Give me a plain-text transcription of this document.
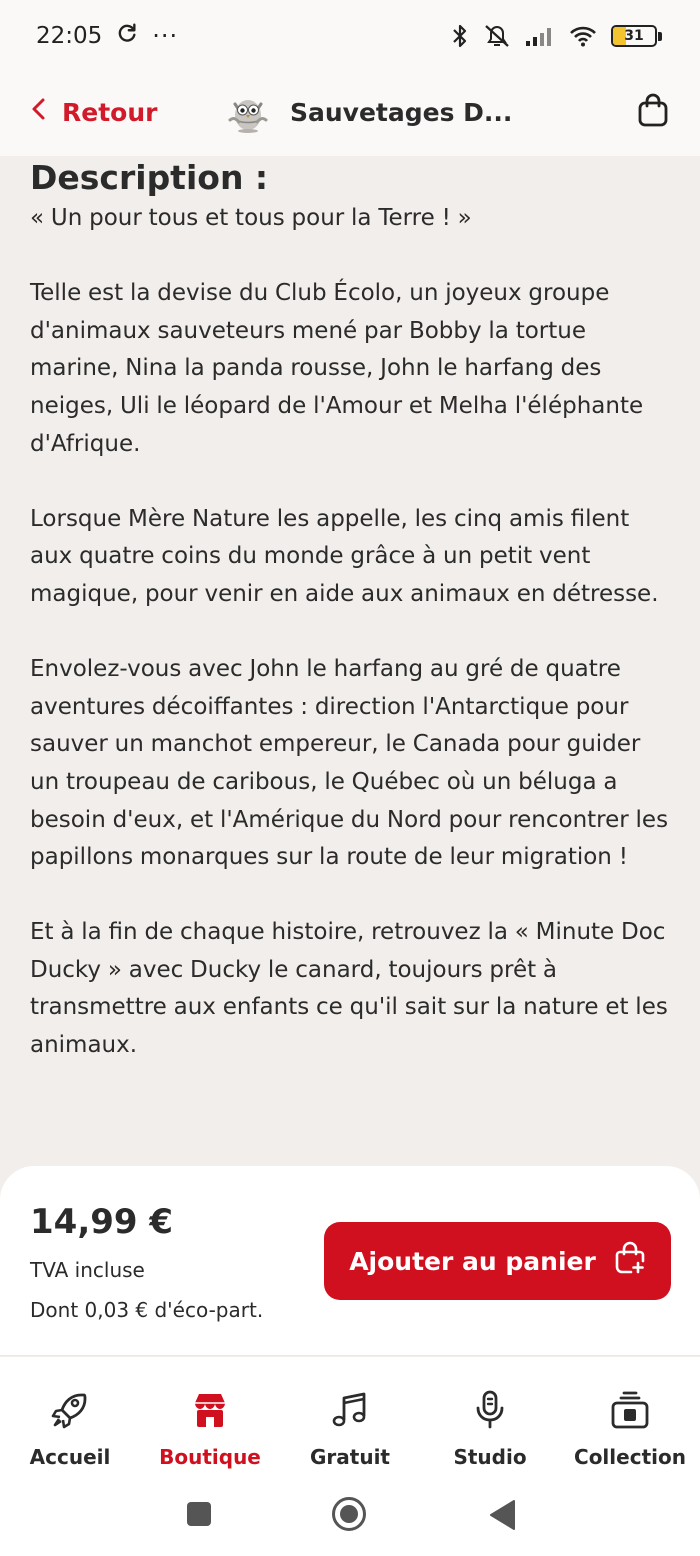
22:05 ···	31
Retour	Sauvetages D...
Description :

« Un pour tous et tous pour la Terre ! »

Telle est la devise du Club Écolo, un joyeux groupe d'animaux sauveteurs mené par Bobby la tortue marine, Nina la panda rousse, John le harfang des neiges, Uli le léopard de l'Amour et Melha l'éléphante d'Afrique.

Lorsque Mère Nature les appelle, les cinq amis filent aux quatre coins du monde grâce à un petit vent magique, pour venir en aide aux animaux en détresse.

Envolez-vous avec John le harfang au gré de quatre aventures décoiffantes : direction l'Antarctique pour sauver un manchot empereur, le Canada pour guider un troupeau de caribous, le Québec où un béluga a besoin d'eux, et l'Amérique du Nord pour rencontrer les papillons monarques sur la route de leur migration !

Et à la fin de chaque histoire, retrouvez la « Minute Doc Ducky » avec Ducky le canard, toujours prêt à transmettre aux enfants ce qu'il sait sur la nature et les animaux.

14,99 €
TVA incluse
Dont 0,03 € d'éco-part.
Ajouter au panier
Accueil Boutique Gratuit	Studio Collection
